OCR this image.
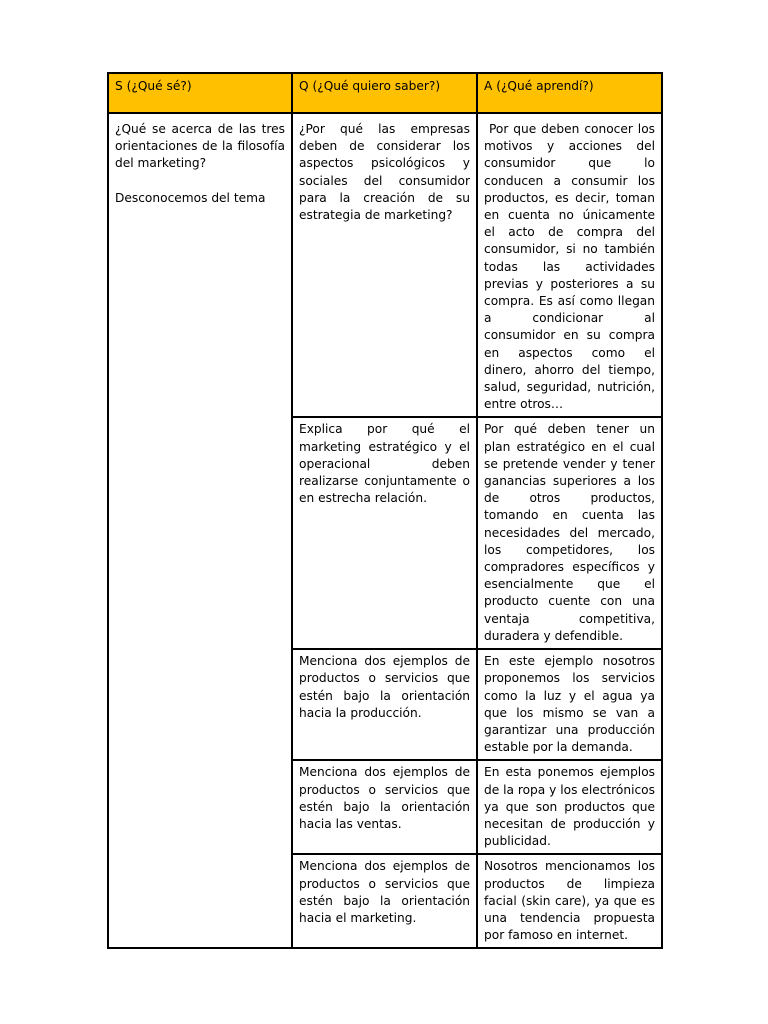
S (¿Qué sé?)	Q (¿Qué quiero saber?)	A (¿Qué aprendí?)

¿Qué se acerca de las tres orientaciones de la filosofía del marketing?
Desconocemos del tema	¿Por qué las empresas deben de considerar los aspectos psicológicos y sociales del consumidor para la creación de su estrategia de marketing?	Por que deben conocer los motivos y acciones del consumidor que lo conducen a consumir los productos, es decir, toman en cuenta no únicamente el acto de compra del consumidor, si no también todas las actividades previas y posteriores a su compra. Es así como llegan a condicionar al consumidor en su compra en aspectos como el dinero, ahorro del tiempo, salud, seguridad, nutrición, entre otros…
	Explica por qué el marketing estratégico y el operacional deben realizarse conjuntamente o en estrecha relación.	Por qué deben tener un plan estratégico en el cual se pretende vender y tener ganancias superiores a los de otros productos, tomando en cuenta las necesidades del mercado, los competidores, los compradores específicos y esencialmente que el producto cuente con una ventaja competitiva, duradera y defendible.
	Menciona dos ejemplos de productos o servicios que estén bajo la orientación hacia la producción.	En este ejemplo nosotros proponemos los servicios como la luz y el agua ya que los mismo se van a garantizar una producción estable por la demanda.
	Menciona dos ejemplos de productos o servicios que estén bajo la orientación hacia las ventas.	En esta ponemos ejemplos de la ropa y los electrónicos ya que son productos que necesitan de producción y publicidad.
	Menciona dos ejemplos de productos o servicios que estén bajo la orientación hacia el marketing.	Nosotros mencionamos los productos de limpieza facial (skin care), ya que es una tendencia propuesta por famoso en internet.
